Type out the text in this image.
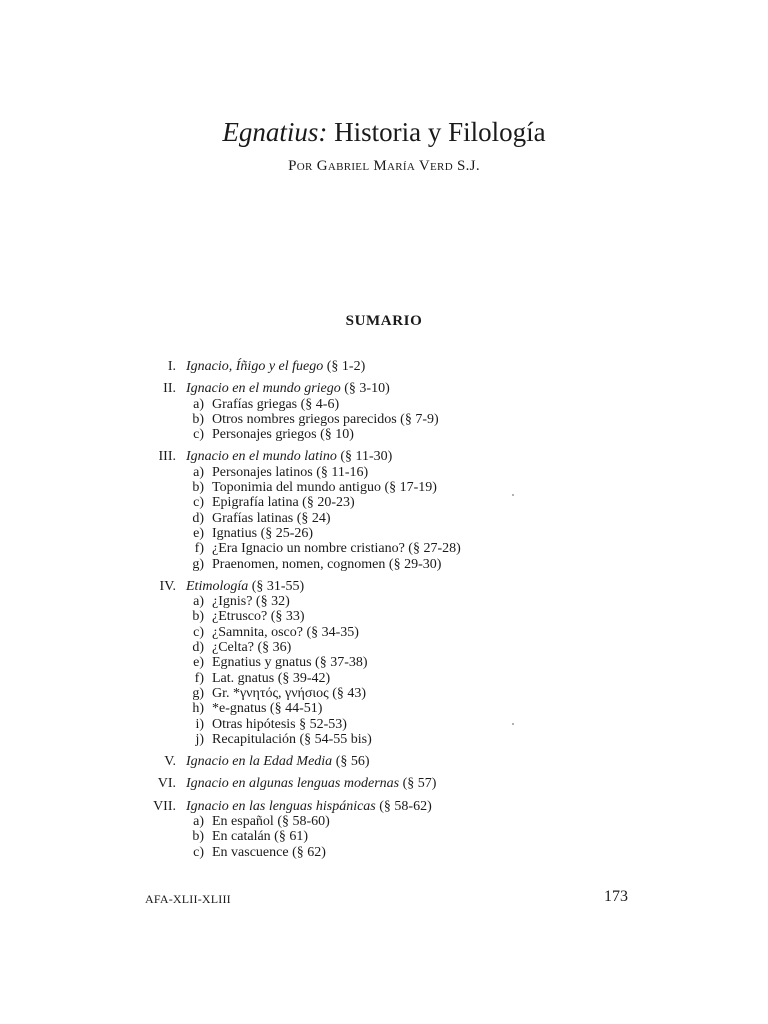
Egnatius: Historia y Filología
Por Gabriel María Verd S.J.
SUMARIO
I. Ignacio, Íñigo y el fuego (§ 1-2)
II. Ignacio en el mundo griego (§ 3-10)
a) Grafías griegas (§ 4-6)
b) Otros nombres griegos parecidos (§ 7-9)
c) Personajes griegos (§ 10)
III. Ignacio en el mundo latino (§ 11-30)
a) Personajes latinos (§ 11-16)
b) Toponimia del mundo antiguo (§ 17-19)
c) Epigrafía latina (§ 20-23)
d) Grafías latinas (§ 24)
e) Ignatius (§ 25-26)
f) ¿Era Ignacio un nombre cristiano? (§ 27-28)
g) Praenomen, nomen, cognomen (§ 29-30)
IV. Etimología (§ 31-55)
a) ¿Ignis? (§ 32)
b) ¿Etrusco? (§ 33)
c) ¿Samnita, osco? (§ 34-35)
d) ¿Celta? (§ 36)
e) Egnatius y gnatus (§ 37-38)
f) Lat. gnatus (§ 39-42)
g) Gr. *γνητός, γνήσιος (§ 43)
h) *e-gnatus (§ 44-51)
i) Otras hipótesis § 52-53)
j) Recapitulación (§ 54-55 bis)
V. Ignacio en la Edad Media (§ 56)
VI. Ignacio en algunas lenguas modernas (§ 57)
VII. Ignacio en las lenguas hispánicas (§ 58-62)
a) En español (§ 58-60)
b) En catalán (§ 61)
c) En vascuence (§ 62)
AFA-XLII-XLIII	173
